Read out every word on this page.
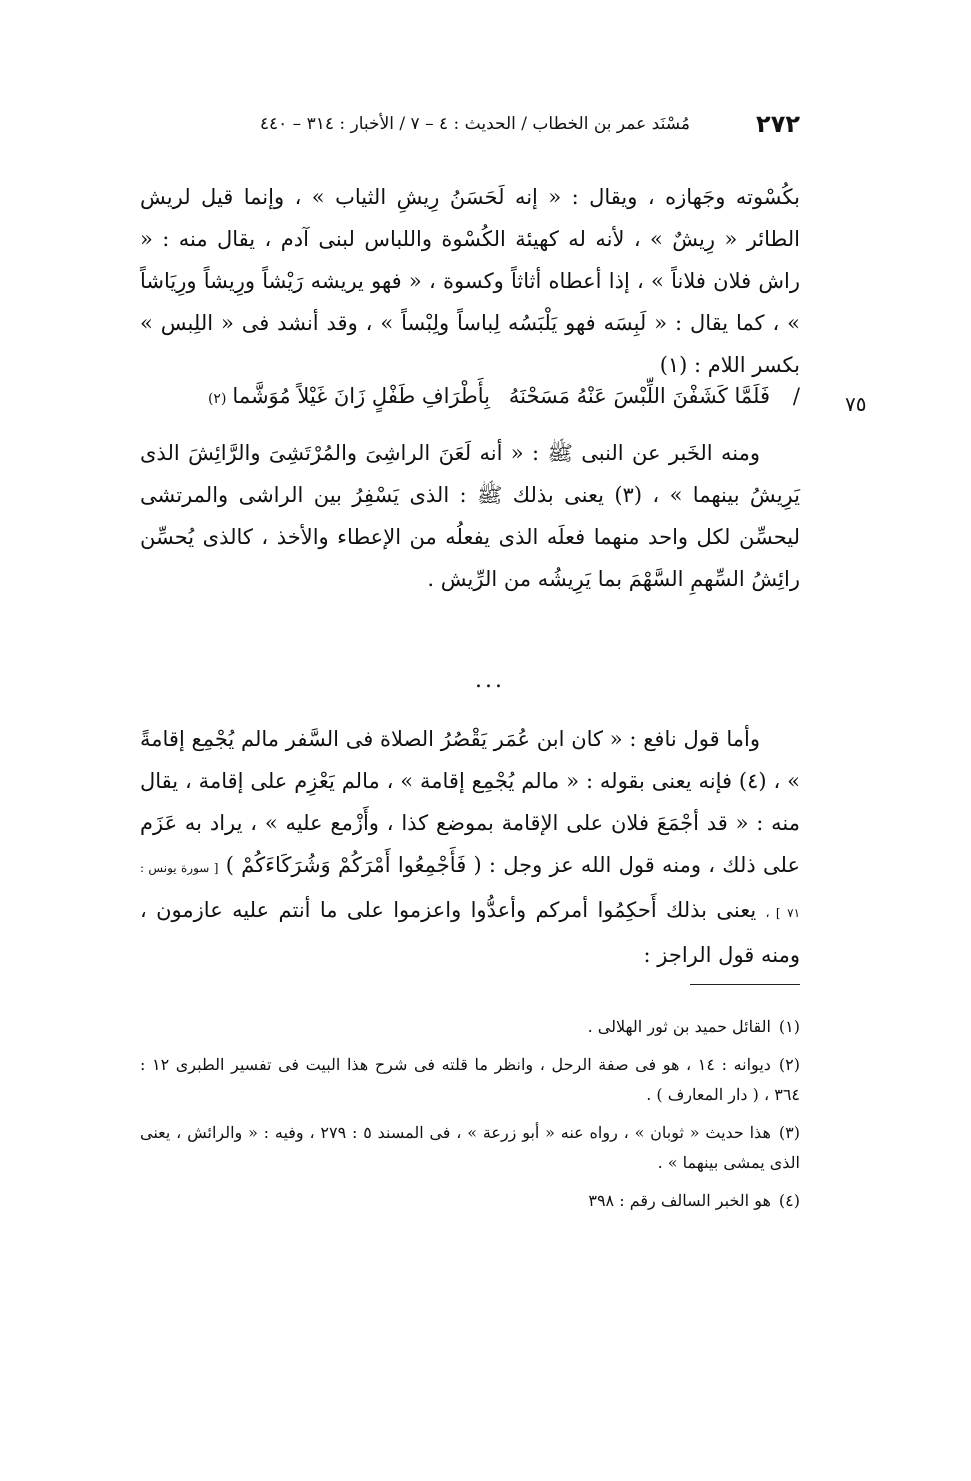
٢٧٢
مُسْنَد عمر بن الخطاب / الحديث : ٤ – ٧ / الأخبار : ٣١٤ – ٤٤٠

بكُسْوته وجَهازه ، ويقال : « إنه لَحَسَنُ رِيشِ الثياب » ، وإنما قيل لريش الطائر « رِيشٌ » ، لأنه له كهيئة الكُسْوة واللباس لبنى آدم ، يقال منه : « راش فلان فلاناً » ، إذا أعطاه أثاثاً وكسوة ، « فهو يريشه رَيْشاً ورِيشاً ورِيَاشاً » ، كما يقال : « لَبِسَه فهو يَلْبَسُه لِباساً ولِبْساً » ، وقد أنشد فى « اللِبس » بكسر اللام : (١)

/
فَلَمَّا كَشَفْنَ اللِّبْسَ عَنْهُ مَسَحْنَهُ
بِأَطْرَافِ طَفْلٍ زَانَ غَيْلاً مُوَشَّما(٢)	٧٥

ومنه الخَبر عن النبى ﷺ : « أنه لَعَنَ الراشِىَ والمُرْتَشِىَ والرَّائِشَ الذى يَرِيشُ بينهما » ، (٣) يعنى بذلك ﷺ : الذى يَسْفِرُ بين الراشى والمرتشى ليحسِّن لكل واحد منهما فعلَه الذى يفعلُه من الإعطاء والأخذ ، كالذى يُحسِّن رائِشُ السِّهمِ السَّهْمَ بما يَرِيشُه من الرِّيش .

...

وأما قول نافع : « كان ابن عُمَر يَقْصُرُ الصلاة فى السَّفر مالم يُجْمِع إقامةً » ، (٤) فإنه يعنى بقوله : « مالم يُجْمِع إقامة » ، مالم يَعْزِم على إقامة ، يقال منه : « قد أجْمَعَ فلان على الإقامة بموضع كذا ، وأَزْمع عليه » ، يراد به عَزَم على ذلك ، ومنه قول الله عز وجل : ( فَأَجْمِعُوا أَمْرَكُمْ وَشُرَكَاءَكُمْ ) [ سورة يونس : ٧١ ] ، يعنى بذلك أَحكِمُوا أمركم وأعدُّوا واعزموا على ما أنتم عليه عازمون ، ومنه قول الراجز :

(١)القائل حميد بن ثور الهلالى .

(٢)ديوانه : ١٤ ، هو فى صفة الرحل ، وانظر ما قلته فى شرح هذا البيت فى تفسير الطبرى ١٢ : ٣٦٤ ، ( دار المعارف ) .

(٣)هذا حديث « ثوبان » ، رواه عنه « أبو زرعة » ، فى المسند ٥ : ٢٧٩ ، وفيه : « والرائش ، يعنى الذى يمشى بينهما » .

(٤)هو الخبر السالف رقم : ٣٩٨
